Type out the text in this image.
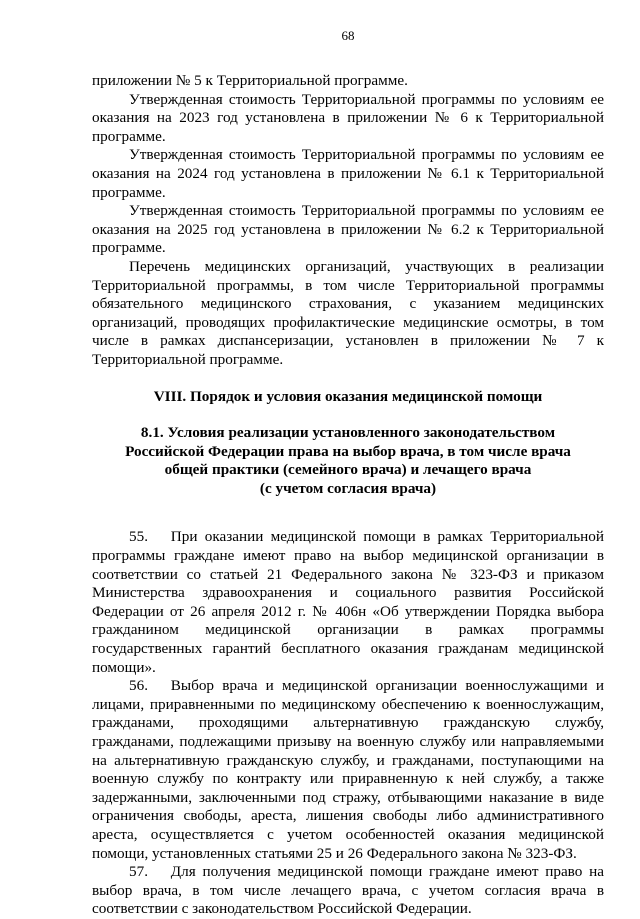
68

приложении № 5 к Территориальной программе.

Утвержденная стоимость Территориальной программы по условиям ее оказания на 2023 год установлена в приложении № 6 к Территориальной программе.

Утвержденная стоимость Территориальной программы по условиям ее оказания на 2024 год установлена в приложении № 6.1 к Территориальной программе.

Утвержденная стоимость Территориальной программы по условиям ее оказания на 2025 год установлена в приложении № 6.2 к Территориальной программе.

Перечень медицинских организаций, участвующих в реализации Территориальной программы, в том числе Территориальной программы обязательного медицинского страхования, с указанием медицинских организаций, проводящих профилактические медицинские осмотры, в том числе в рамках диспансеризации, установлен в приложении № 7 к Территориальной программе.

VIII. Порядок и условия оказания медицинской помощи
8.1. Условия реализации установленного законодательством
Российской Федерации права на выбор врача, в том числе врача
общей практики (семейного врача) и лечащего врача
(с учетом согласия врача)

55.  При оказании медицинской помощи в рамках Территориальной программы граждане имеют право на выбор медицинской организации в соответствии со статьей 21 Федерального закона № 323-ФЗ и приказом Министерства здравоохранения и социального развития Российской Федерации от 26 апреля 2012 г. № 406н «Об утверждении Порядка выбора гражданином медицинской организации в рамках программы государственных гарантий бесплатного оказания гражданам медицинской помощи».

56.  Выбор врача и медицинской организации военнослужащими и лицами, приравненными по медицинскому обеспечению к военнослужащим, гражданами, проходящими альтернативную гражданскую службу, гражданами, подлежащими призыву на военную службу или направляемыми на альтернативную гражданскую службу, и гражданами, поступающими на военную службу по контракту или приравненную к ней службу, а также задержанными, заключенными под стражу, отбывающими наказание в виде ограничения свободы, ареста, лишения свободы либо административного ареста, осуществляется с учетом особенностей оказания медицинской помощи, установленных статьями 25 и 26 Федерального закона № 323-ФЗ.

57.  Для получения медицинской помощи граждане имеют право на выбор врача, в том числе лечащего врача, с учетом согласия врача в соответствии с законодательством Российской Федерации.
